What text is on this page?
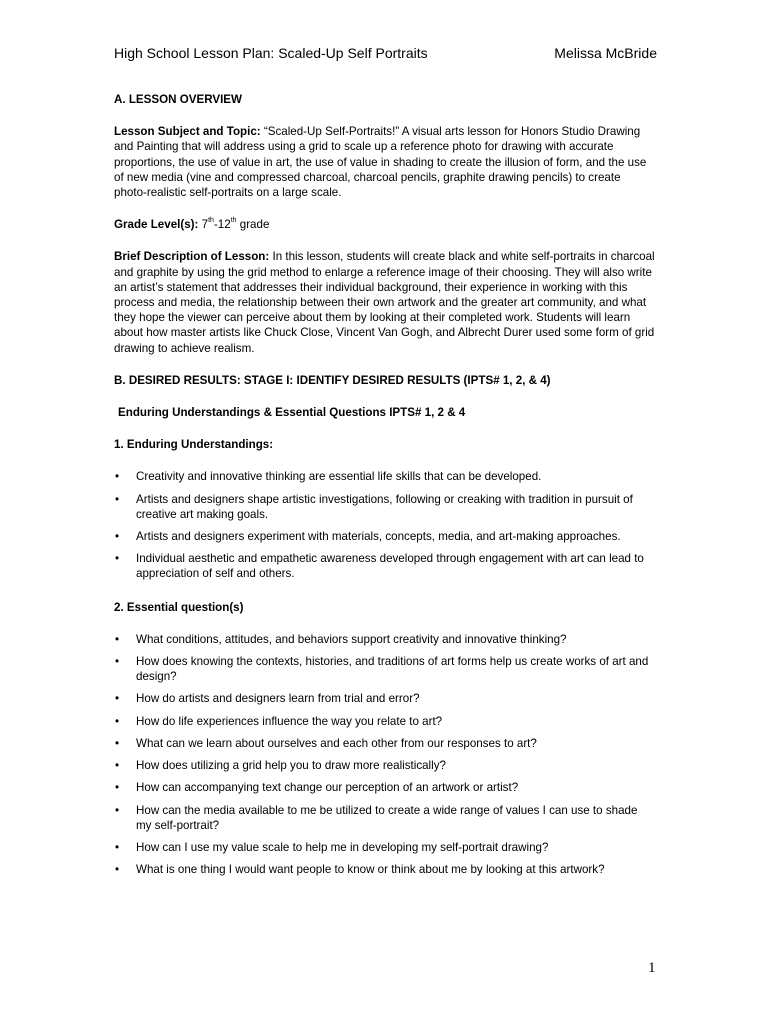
High School Lesson Plan: Scaled-Up Self Portraits	Melissa McBride
A. LESSON OVERVIEW
Lesson Subject and Topic: “Scaled-Up Self-Portraits!” A visual arts lesson for Honors Studio Drawing and Painting that will address using a grid to scale up a reference photo for drawing with accurate proportions, the use of value in art, the use of value in shading to create the illusion of form, and the use of new media (vine and compressed charcoal, charcoal pencils, graphite drawing pencils) to create photo-realistic self-portraits on a large scale.
Grade Level(s): 7th-12th grade
Brief Description of Lesson: In this lesson, students will create black and white self-portraits in charcoal and graphite by using the grid method to enlarge a reference image of their choosing. They will also write an artist’s statement that addresses their individual background, their experience in working with this process and media, the relationship between their own artwork and the greater art community, and what they hope the viewer can perceive about them by looking at their completed work. Students will learn about how master artists like Chuck Close, Vincent Van Gogh, and Albrecht Durer used some form of grid drawing to achieve realism.
B. DESIRED RESULTS: STAGE I: IDENTIFY DESIRED RESULTS (IPTS# 1, 2, & 4)
Enduring Understandings & Essential Questions IPTS# 1, 2 & 4
1. Enduring Understandings:
• Creativity and innovative thinking are essential life skills that can be developed.
• Artists and designers shape artistic investigations, following or creaking with tradition in pursuit of creative art making goals.
• Artists and designers experiment with materials, concepts, media, and art-making approaches.
• Individual aesthetic and empathetic awareness developed through engagement with art can lead to appreciation of self and others.
2. Essential question(s)
• What conditions, attitudes, and behaviors support creativity and innovative thinking?
• How does knowing the contexts, histories, and traditions of art forms help us create works of art and design?
• How do artists and designers learn from trial and error?
• How do life experiences influence the way you relate to art?
• What can we learn about ourselves and each other from our responses to art?
• How does utilizing a grid help you to draw more realistically?
• How can accompanying text change our perception of an artwork or artist?
• How can the media available to me be utilized to create a wide range of values I can use to shade my self-portrait?
• How can I use my value scale to help me in developing my self-portrait drawing?
• What is one thing I would want people to know or think about me by looking at this artwork?
1
